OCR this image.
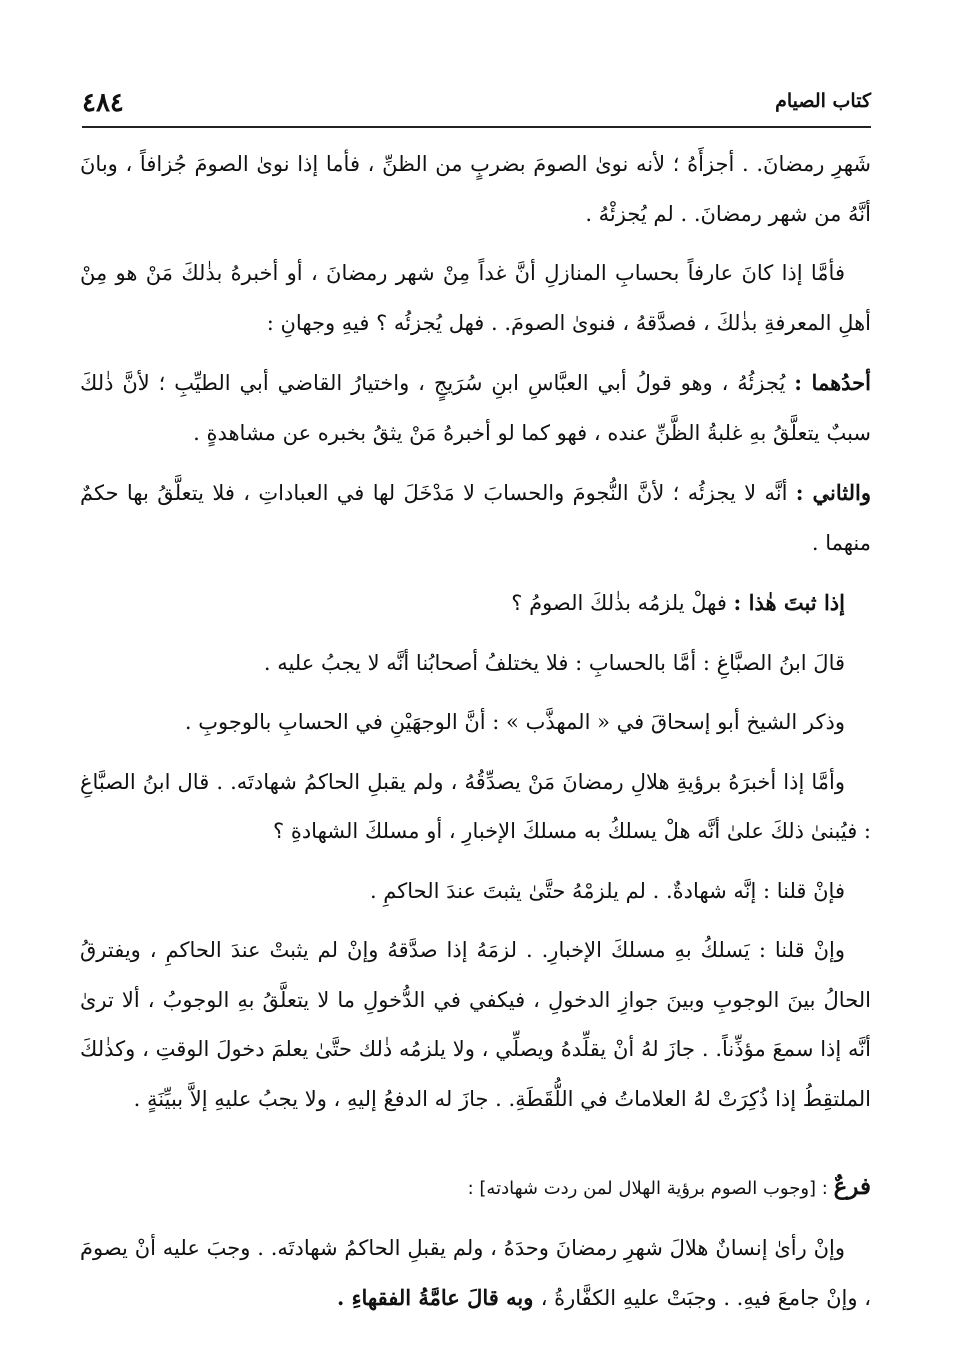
٤٨٤	كتاب الصيام

شَهرِ رمضانَ. . أجزأَهُ ؛ لأنه نوىٰ الصومَ بضربٍ من الظنِّ ، فأما إذا نوىٰ الصومَ جُزافاً ، وبانَ أنَّهُ من شهر رمضانَ. . لم يُجزئْهُ .

فأمَّا إذا كانَ عارفاً بحسابِ المنازلِ أنَّ غداً مِنْ شهر رمضانَ ، أو أخبرهُ بذٰلكَ مَنْ هو مِنْ أهلِ المعرفةِ بذٰلكَ ، فصدَّقهُ ، فنوىٰ الصومَ. . فهل يُجزئُه ؟ فيهِ وجهانِ :

أحدُهما : يُجزئُهُ ، وهو قولُ أبي العبَّاسِ ابنِ سُرَيجٍ ، واختيارُ القاضي أبي الطيِّبِ ؛ لأنَّ ذٰلكَ سببٌ يتعلَّقُ بهِ غلبةُ الظَّنِّ عنده ، فهو كما لو أخبرهُ مَنْ يثقُ بخبره عن مشاهدةٍ .

والثاني : أنَّه لا يجزئُه ؛ لأنَّ النُّجومَ والحسابَ لا مَدْخَلَ لها في العباداتِ ، فلا يتعلَّقُ بها حكمٌ منهما .

إذا ثبتَ هٰذا : فهلْ يلزمُه بذٰلكَ الصومُ ؟

قالَ ابنُ الصبَّاغِ : أمَّا بالحسابِ : فلا يختلفُ أصحابُنا أنَّه لا يجبُ عليه .

وذكر الشيخ أبو إسحاقَ في « المهذَّب » : أنَّ الوجهَيْنِ في الحسابِ بالوجوبِ .

وأمَّا إذا أخبرَهُ برؤيةِ هلالِ رمضانَ مَنْ يصدِّقُهُ ، ولم يقبلِ الحاكمُ شهادتَه. . قال ابنُ الصبَّاغِ : فيُبنىٰ ذلكَ علىٰ أنَّه هلْ يسلكُ به مسلكَ الإخبارِ ، أو مسلكَ الشهادةِ ؟

فإنْ قلنا : إنَّه شهادةٌ. . لم يلزمْهُ حتَّىٰ يثبتَ عندَ الحاكمِ .

وإنْ قلنا : يَسلكُ بهِ مسلكَ الإخبارِ. . لزمَهُ إذا صدَّقهُ وإنْ لم يثبتْ عندَ الحاكمِ ، ويفترقُ الحالُ بينَ الوجوبِ وبينَ جوازِ الدخولِ ، فيكفي في الدُّخولِ ما لا يتعلَّقُ بهِ الوجوبُ ، ألا ترىٰ أنَّه إذا سمعَ مؤذِّناً. . جازَ لهُ أنْ يقلِّدهُ ويصلِّي ، ولا يلزمُه ذٰلك حتَّىٰ يعلمَ دخولَ الوقتِ ، وكذٰلكَ الملتقِطُ إذا ذُكِرَتْ لهُ العلاماتُ في اللُّقَطَةِ. . جازَ له الدفعُ إليهِ ، ولا يجبُ عليهِ إلاَّ ببيِّنَةٍ .

فرعٌ : [وجوب الصوم برؤية الهلال لمن ردت شهادته] :

وإنْ رأىٰ إنسانٌ هلالَ شهرِ رمضانَ وحدَهُ ، ولم يقبلِ الحاكمُ شهادتَه. . وجبَ عليه أنْ يصومَ ، وإنْ جامعَ فيهِ. . وجبَتْ عليهِ الكفَّارةُ ، وبه قالَ عامَّةُ الفقهاءِ .
